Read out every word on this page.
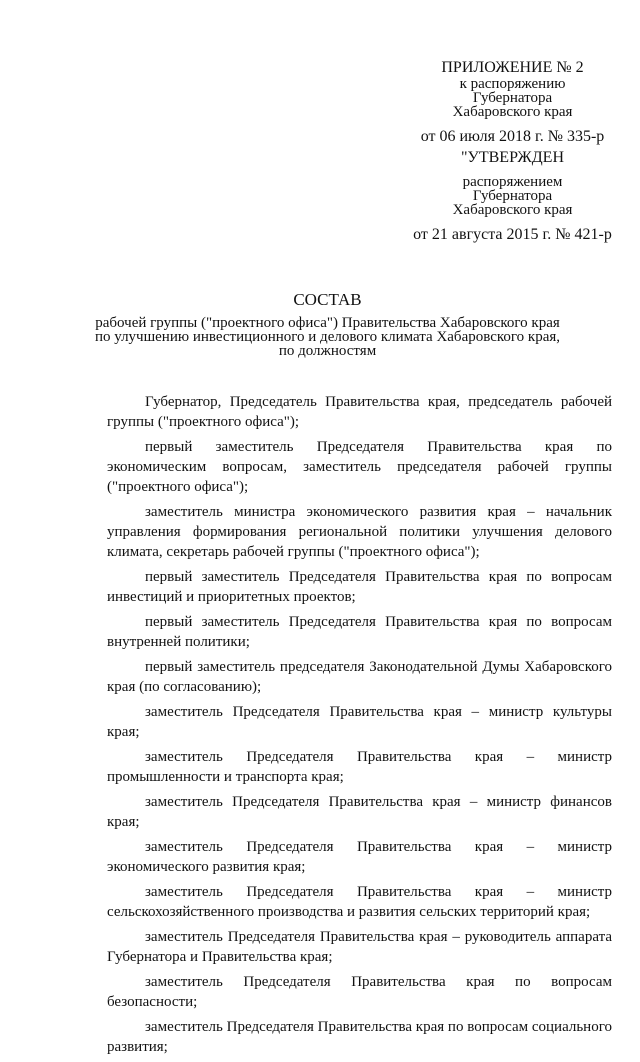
ПРИЛОЖЕНИЕ № 2
к распоряжению
Губернатора
Хабаровского края
от 06 июля 2018 г. № 335-р
"УТВЕРЖДЕН
распоряжением
Губернатора
Хабаровского края
от 21 августа 2015 г. № 421-р
СОСТАВ
рабочей группы ("проектного офиса") Правительства Хабаровского края
по улучшению инвестиционного и делового климата Хабаровского края,
по должностям

Губернатор, Председатель Правительства края, председатель рабочей группы ("проектного офиса");

первый заместитель Председателя Правительства края по экономическим вопросам, заместитель председателя рабочей группы ("проектного офиса");

заместитель министра экономического развития края – начальник управления формирования региональной политики улучшения делового климата, секретарь рабочей группы ("проектного офиса");

первый заместитель Председателя Правительства края по вопросам инвестиций и приоритетных проектов;

первый заместитель Председателя Правительства края по вопросам внутренней политики;

первый заместитель председателя Законодательной Думы Хабаровского края (по согласованию);

заместитель Председателя Правительства края – министр культуры края;

заместитель Председателя Правительства края – министр промышленности и транспорта края;

заместитель Председателя Правительства края – министр финансов края;

заместитель Председателя Правительства края – министр экономического развития края;

заместитель Председателя Правительства края – министр сельскохозяйственного производства и развития сельских территорий края;

заместитель Председателя Правительства края – руководитель аппарата Губернатора и Правительства края;

заместитель Председателя Правительства края по вопросам безопасности;

заместитель Председателя Правительства края по вопросам социального развития;
